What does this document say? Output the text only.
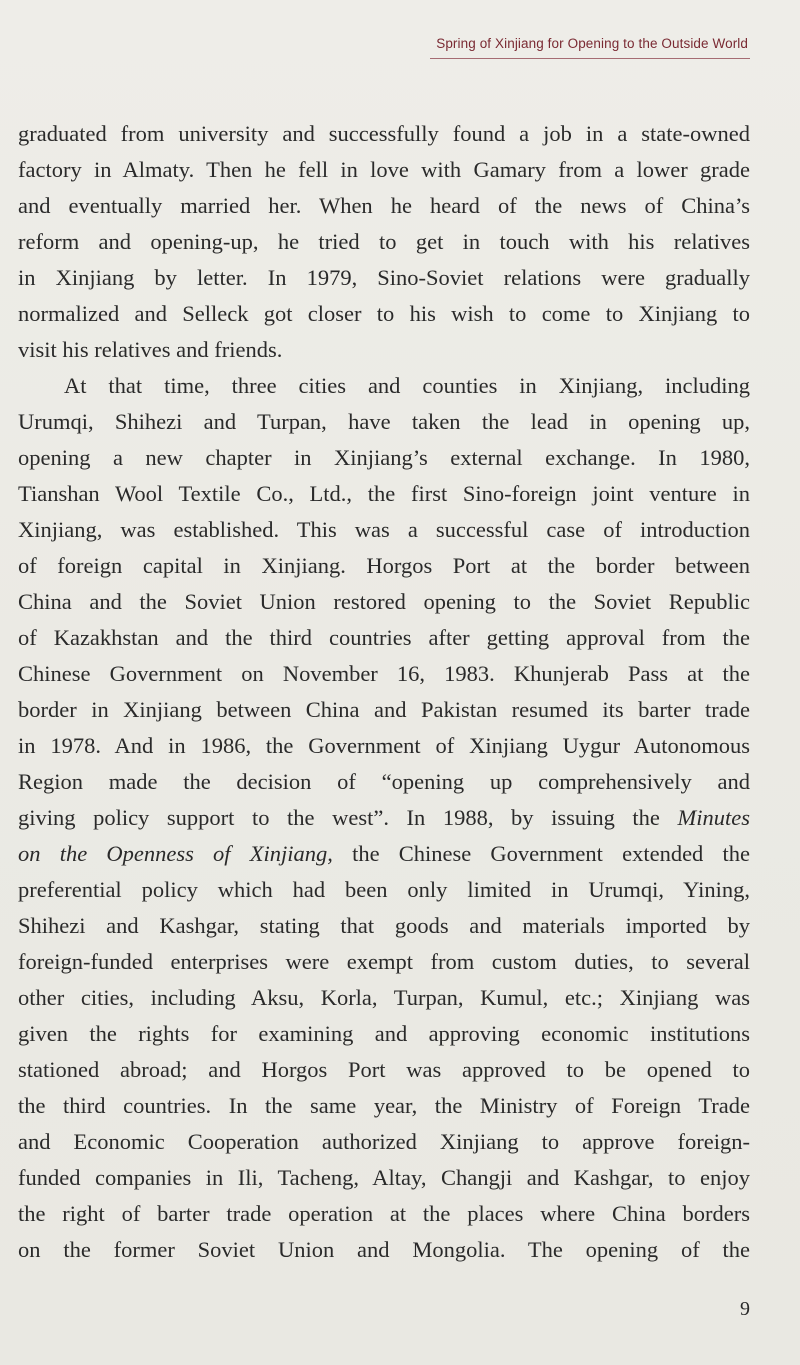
Spring of Xinjiang for Opening to the Outside World

graduated from university and successfully found a job in a state-owned
factory in Almaty. Then he fell in love with Gamary from a lower grade
and eventually married her. When he heard of the news of China’s
reform and opening-up, he tried to get in touch with his relatives
in Xinjiang by letter. In 1979, Sino-Soviet relations were gradually
normalized and Selleck got closer to his wish to come to Xinjiang to
visit his relatives and friends.

At that time, three cities and counties in Xinjiang, including
Urumqi, Shihezi and Turpan, have taken the lead in opening up,
opening a new chapter in Xinjiang’s external exchange. In 1980,
Tianshan Wool Textile Co., Ltd., the first Sino-foreign joint venture in
Xinjiang, was established. This was a successful case of introduction
of foreign capital in Xinjiang. Horgos Port at the border between
China and the Soviet Union restored opening to the Soviet Republic
of Kazakhstan and the third countries after getting approval from the
Chinese Government on November 16, 1983. Khunjerab Pass at the
border in Xinjiang between China and Pakistan resumed its barter trade
in 1978. And in 1986, the Government of Xinjiang Uygur Autonomous
Region made the decision of “opening up comprehensively and
giving policy support to the west”. In 1988, by issuing the Minutes
on the Openness of Xinjiang, the Chinese Government extended the
preferential policy which had been only limited in Urumqi, Yining,
Shihezi and Kashgar, stating that goods and materials imported by
foreign-funded enterprises were exempt from custom duties, to several
other cities, including Aksu, Korla, Turpan, Kumul, etc.; Xinjiang was
given the rights for examining and approving economic institutions
stationed abroad; and Horgos Port was approved to be opened to
the third countries. In the same year, the Ministry of Foreign Trade
and Economic Cooperation authorized Xinjiang to approve foreign-
funded companies in Ili, Tacheng, Altay, Changji and Kashgar, to enjoy
the right of barter trade operation at the places where China borders
on the former Soviet Union and Mongolia. The opening of the

9
